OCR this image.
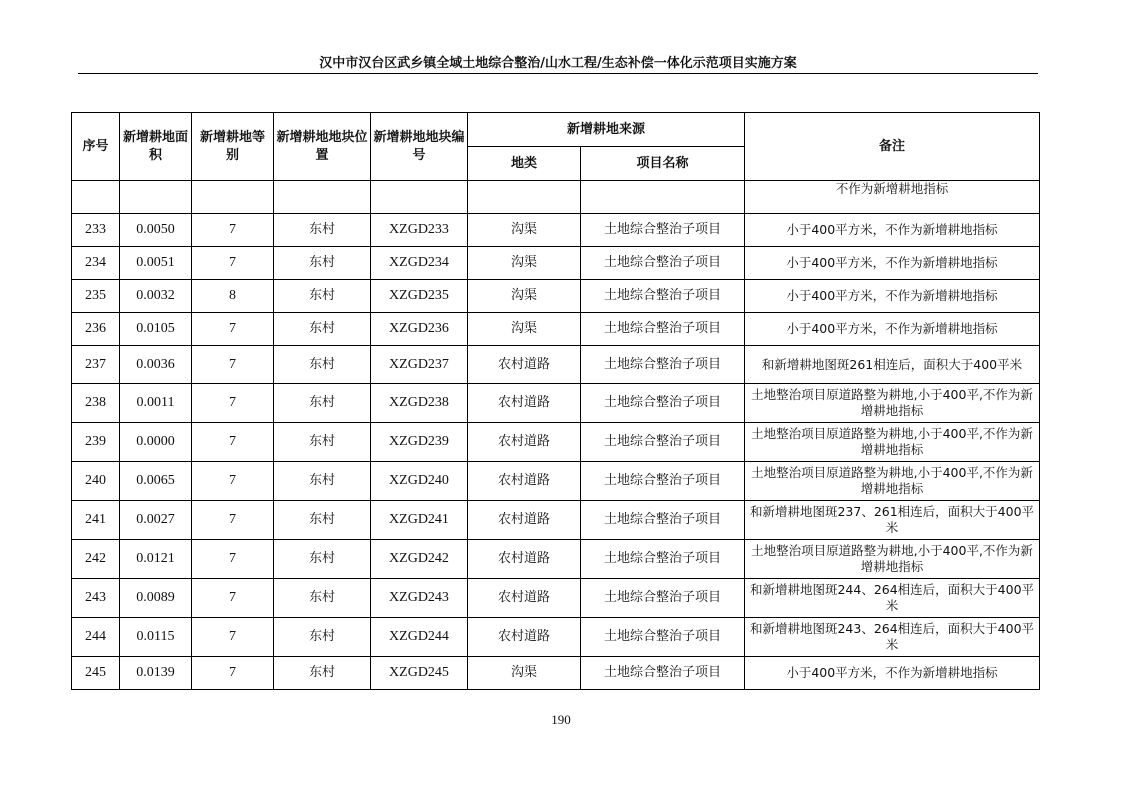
汉中市汉台区武乡镇全域土地综合整治/山水工程/生态补偿一体化示范项目实施方案
序号	新增耕地面积	新增耕地等别	新增耕地地块位置	新增耕地地块编号	新增耕地来源		备注
					地类	项目名称	
							不作为新增耕地指标
233	0.0050	7	东村	XZGD233	沟渠	土地综合整治子项目	小于400平方米，不作为新增耕地指标
234	0.0051	7	东村	XZGD234	沟渠	土地综合整治子项目	小于400平方米，不作为新增耕地指标
235	0.0032	8	东村	XZGD235	沟渠	土地综合整治子项目	小于400平方米，不作为新增耕地指标
236	0.0105	7	东村	XZGD236	沟渠	土地综合整治子项目	小于400平方米，不作为新增耕地指标
237	0.0036	7	东村	XZGD237	农村道路	土地综合整治子项目	和新增耕地图斑261相连后，面积大于400平米
238	0.0011	7	东村	XZGD238	农村道路	土地综合整治子项目	土地整治项目原道路整为耕地,小于400平,不作为新增耕地指标
239	0.0000	7	东村	XZGD239	农村道路	土地综合整治子项目	土地整治项目原道路整为耕地,小于400平,不作为新增耕地指标
240	0.0065	7	东村	XZGD240	农村道路	土地综合整治子项目	土地整治项目原道路整为耕地,小于400平,不作为新增耕地指标
241	0.0027	7	东村	XZGD241	农村道路	土地综合整治子项目	和新增耕地图斑237、261相连后，面积大于400平米
242	0.0121	7	东村	XZGD242	农村道路	土地综合整治子项目	土地整治项目原道路整为耕地,小于400平,不作为新增耕地指标
243	0.0089	7	东村	XZGD243	农村道路	土地综合整治子项目	和新增耕地图斑244、264相连后，面积大于400平米
244	0.0115	7	东村	XZGD244	农村道路	土地综合整治子项目	和新增耕地图斑243、264相连后，面积大于400平米
245	0.0139	7	东村	XZGD245	沟渠	土地综合整治子项目	小于400平方米，不作为新增耕地指标
190
